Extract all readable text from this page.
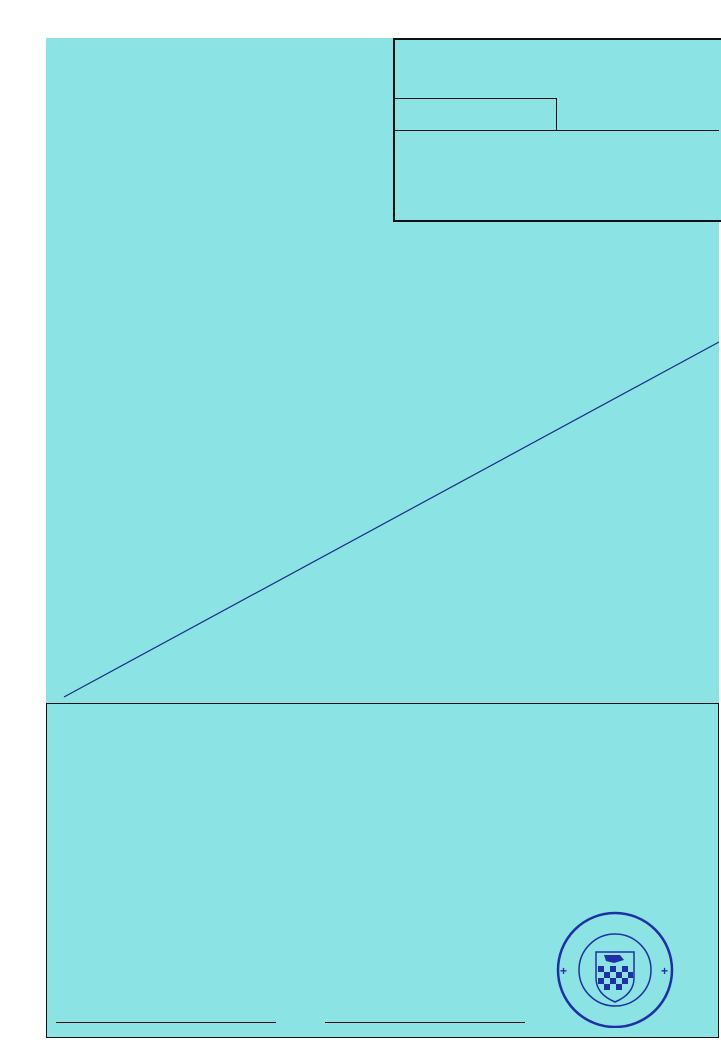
+	+
